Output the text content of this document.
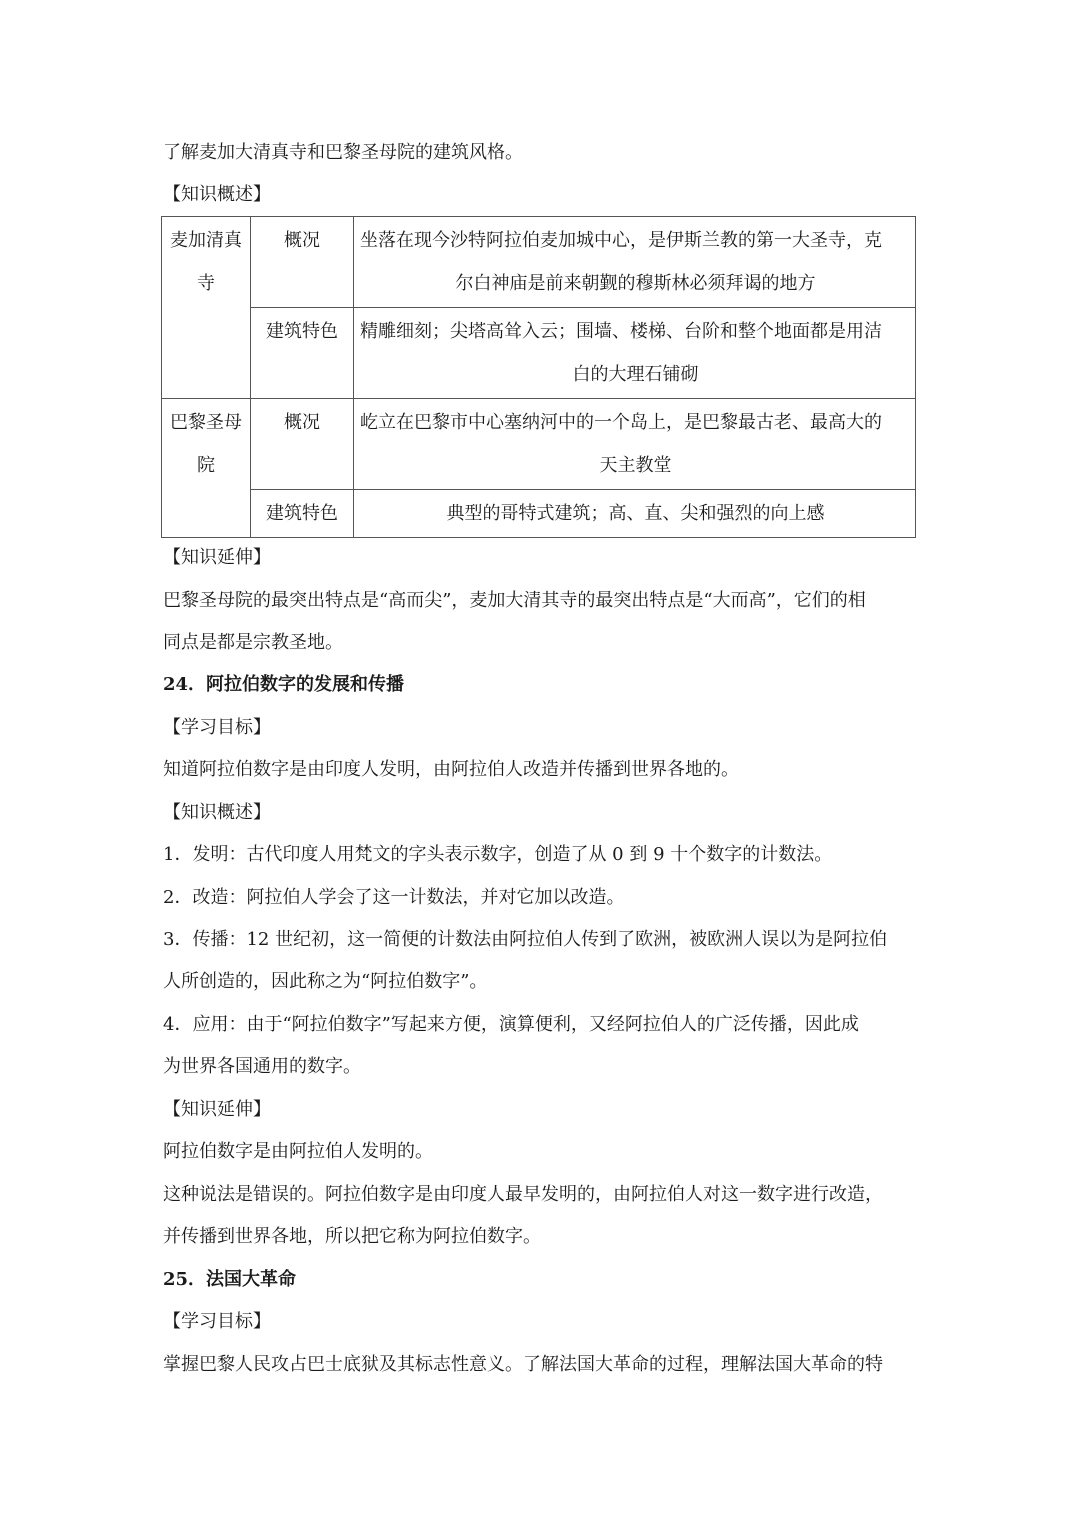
了解麦加大清真寺和巴黎圣母院的建筑风格。
【知识概述】
麦加清真寺	概况	坐落在现今沙特阿拉伯麦加城中心，是伊斯兰教的第一大圣寺，克
尔白神庙是前来朝觐的穆斯林必须拜谒的地方

	建筑特色	精雕细刻；尖塔高耸入云；围墙、楼梯、台阶和整个地面都是用洁
白的大理石铺砌

巴黎圣母院	概况	屹立在巴黎市中心塞纳河中的一个岛上，是巴黎最古老、最高大的
天主教堂

	建筑特色	典型的哥特式建筑；高、直、尖和强烈的向上感
【知识延伸】
巴黎圣母院的最突出特点是“高而尖”，麦加大清其寺的最突出特点是“大而高”，它们的相
同点是都是宗教圣地。
24．阿拉伯数字的发展和传播
【学习目标】
知道阿拉伯数字是由印度人发明，由阿拉伯人改造并传播到世界各地的。
【知识概述】
1．发明：古代印度人用梵文的字头表示数字，创造了从 0 到 9 十个数字的计数法。
2．改造：阿拉伯人学会了这一计数法，并对它加以改造。
3．传播：12 世纪初，这一简便的计数法由阿拉伯人传到了欧洲，被欧洲人误以为是阿拉伯
人所创造的，因此称之为“阿拉伯数字”。
4．应用：由于“阿拉伯数字”写起来方便，演算便利，又经阿拉伯人的广泛传播，因此成
为世界各国通用的数字。
【知识延伸】
阿拉伯数字是由阿拉伯人发明的。
这种说法是错误的。阿拉伯数字是由印度人最早发明的，由阿拉伯人对这一数字进行改造，
并传播到世界各地，所以把它称为阿拉伯数字。
25．法国大革命
【学习目标】
掌握巴黎人民攻占巴士底狱及其标志性意义。了解法国大革命的过程，理解法国大革命的特
